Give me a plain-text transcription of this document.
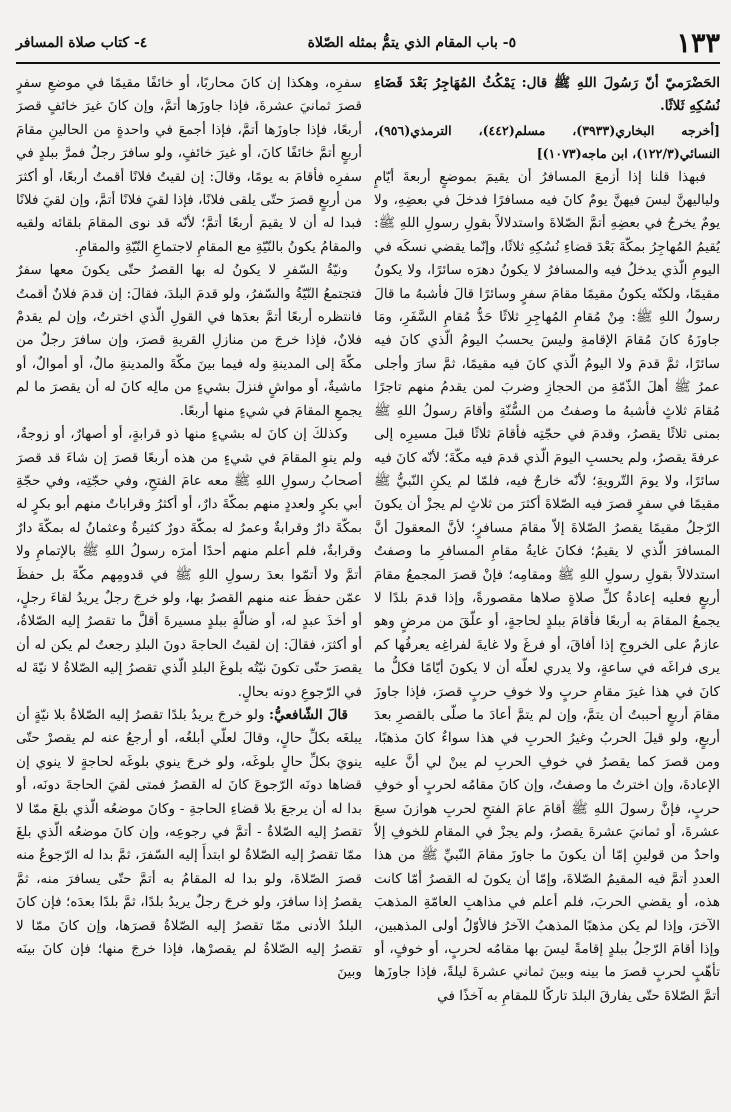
١٣٣
٥- باب المقام الذي يتمُّ بمثله الصّلاة
٤- كتاب صلاة المسافر

الحَضْرَميّ أنّ رَسُولَ اللهِ ﷺ قال: يَمْكُثُ المُهَاجِرُ بَعْدَ قَضَاءِ نُسُكِهِ ثَلاثًا.

[أخرجه البخاري(٣٩٣٣)، مسلم(٤٤٢)، الترمذي(٩٥٦)، النسائي(١٢٢/٣)، ابن ماجه(١٠٧٣)]

فبهذا قلنا إذا أزمعَ المسافرُ أن يقيمَ بموضعٍ أربعةَ أيّامٍ ولياليهنَّ ليسَ فيهنَّ يومٌ كانَ فيه مسافرًا فدخلَ في بعضِهِ، ولا يومٌ يخرجُ في بعضِهِ أتمَّ الصّلاةَ واستدلالاً بقولِ رسولِ اللهِ ﷺ: يُقيمُ المُهاجِرُ بمكّةَ بَعْدَ قضاءِ نُسُكِهِ ثلاثًا، وإنّما يقضي نسكَه في اليومِ الّذي يدخلُ فيه والمسافرُ لا يكونُ دهرَه سائرًا، ولا يكونُ مقيمًا، ولكنّه يكونُ مقيمًا مقامَ سفرٍ وسائرًا قالَ فأشبهُ ما قالَ رسولُ اللهِ ﷺ: مِنْ مُقامِ المُهاجِرِ ثلاثًا حَدُّ مُقامِ السَّفَرِ، ومَا جاوزَهُ كانَ مُقامَ الإقامةِ وليسَ يحسبُ اليومُ الّذي كانَ فيه سائرًا، ثمَّ قدمَ ولا اليومُ الّذي كانَ فيه مقيمًا، ثمَّ سارَ وأجلى عمرُ ﷺ أهلَ الذّمّةِ من الحجازِ وضربَ لمن يقدمُ منهم تاجرًا مُقامَ ثلاثٍ فأشبهُ ما وصفتُ من السُّنّةِ وأقامَ رسولُ اللهِ ﷺ بمنى ثلاثًا يقصرُ، وقدمَ في حجّتِه فأقامَ ثلاثًا قبلَ مسيرِه إلى عرفةَ يقصرُ، ولم يحسبِ اليومَ الّذي قدمَ فيه مكّةَ؛ لأنّه كانَ فيه سائرًا، ولا يومَ التّرويةِ؛ لأنّه خارجٌ فيه، فلمّا لم يكنِ النّبيُّ ﷺ مقيمًا في سفرٍ قصرَ فيه الصّلاةَ أكثرَ من ثلاثٍ لم يجزْ أن يكونَ الرّجلُ مقيمًا يقصرُ الصّلاةَ إلاّ مقامَ مسافرٍ؛ لأنَّ المعقولَ أنَّ المسافرَ الّذي لا يقيمُ؛ فكانَ غايةُ مقامِ المسافرِ ما وصفتُ استدلالاً بقولِ رسولِ اللهِ ﷺ ومقامِه؛ فإنْ قصرَ المجمعُ مقامَ أربعٍ فعليه إعادةُ كلِّ صلاةٍ صلاها مقصورةً، وإذا قدمَ بلدًا لا يجمعُ المقامَ به أربعًا فأقامَ ببلدٍ لحاجةٍ، أو علّقَ من مرضٍ وهو عازمٌ على الخروجِ إذا أفاقَ، أو فرغَ ولا غايةَ لفراغِه يعرفُها كم يرى فراغَه في ساعةٍ، ولا يدري لعلّه أن لا يكونَ أيّامًا فكلُّ ما كانَ في هذا غيرَ مقامِ حربٍ ولا خوفِ حربٍ قصرَ، فإذا جاوزَ مقامَ أربعٍ أحببتُ أن يتمَّ، وإن لم يتمَّ أعادَ ما صلّى بالقصرِ بعدَ أربعٍ، ولو قيلَ الحربُ وغيرُ الحربِ في هذا سواءٌ كانَ مذهبًا، ومن قصرَ كما يقصرُ في خوفِ الحربِ لم يبنْ لي أنَّ عليه الإعادةَ، وإن اخترتُ ما وصفتُ، وإن كانَ مقامُه لحربٍ أو خوفِ حربٍ، فإنَّ رسولَ اللهِ ﷺ أقامَ عامَ الفتحِ لحربِ هوازنَ سبعَ عشرةَ، أو ثمانيَ عشرةَ يقصرُ، ولم يجزْ في المقامِ للخوفِ إلاّ واحدٌ من قولينِ إمّا أن يكونَ ما جاوزَ مقامَ النّبيِّ ﷺ من هذا العددِ أتمَّ فيه المقيمُ الصّلاةَ، وإمّا أن يكونَ له القصرُ أمّا كانت هذه، أو يقضي الحربَ، فلم أعلم في مذاهبِ العامّةِ المذهبَ الآخرَ، وإذا لم يكن مذهبًا المذهبُ الآخرُ فالأوّلُ أولى المذهبين، وإذا أقامَ الرّجلُ ببلدٍ إقامةً ليسَ بها مقامُه لحربٍ، أو خوفٍ، أو تأهّبٍ لحربٍ قصرَ ما بينه وبينَ ثماني عشرةَ ليلةً، فإذا جاوزَها أتمَّ الصّلاةَ حتّى يفارقَ البلدَ تاركًا للمقامِ به آخذًا في

سفرِه، وهكذا إن كانَ محاربًا، أو خائفًا مقيمًا في موضعِ سفرٍ قصرَ ثمانيَ عشرةَ، فإذا جاوزَها أتمَّ، وإن كانَ غيرَ خائفٍ قصرَ أربعًا، فإذا جاوزَها أتمَّ، فإذا أجمعَ في واحدةٍ من الحالينِ مقامَ أربعٍ أتمَّ خائفًا كانَ، أو غيرَ خائفٍ، ولو سافرَ رجلٌ فمرَّ ببلدٍ في سفرِه فأقامَ به يومًا، وقالَ: إن لقيتُ فلانًا أقمتُ أربعًا، أو أكثرَ من أربعٍ قصرَ حتّى يلقى فلانًا، فإذا لقيَ فلانًا أتمَّ، وإن لقيَ فلانًا فبدا له أن لا يقيمَ أربعًا أتمَّ؛ لأنّه قد نوى المقامَ بلقائه ولقيه والمقامُ يكونُ بالنّيّةِ مع المقامِ لاجتماعِ النّيّةِ والمقامِ.

ونيّةُ السّفرِ لا يكونُ له بها القصرُ حتّى يكونَ معها سفرٌ فتجتمعُ النّيّةُ والسّفرُ، ولو قدمَ البلدَ، فقالَ: إن قدمَ فلانٌ أقمتُ فانتظره أربعًا أتمَّ بعدَها في القولِ الّذي اخترتُ، وإن لم يقدمْ فلانٌ، فإذا خرجَ من منازلِ القريةِ قصرَ، وإن سافرَ رجلٌ من مكّةَ إلى المدينةِ وله فيما بينَ مكّةَ والمدينةِ مالٌ، أو أموالٌ، أو ماشيةٌ، أو مواشٍ فنزلَ بشيءٍ من مالِه كانَ له أن يقصرَ ما لم يجمعِ المقامَ في شيءٍ منها أربعًا.

وكذلكَ إن كانَ له بشيءٍ منها ذو قرابةٍ، أو أصهارٌ، أو زوجةٌ، ولم ينوِ المقامَ في شيءٍ من هذه أربعًا قصرَ إن شاءَ قد قصرَ أصحابُ رسولِ اللهِ ﷺ معه عامَ الفتحِ، وفي حجّتِه، وفي حجّةِ أبي بكرٍ ولعددٍ منهم بمكّةَ دارٌ، أو أكثرُ وقراباتٌ منهم أبو بكرٍ له بمكّةَ دارٌ وقرابةٌ وعمرُ له بمكّةَ دورٌ كثيرةٌ وعثمانُ له بمكّةَ دارٌ وقرابةٌ، فلم أعلم منهم أحدًا أمرَه رسولُ اللهِ ﷺ بالإتمامِ ولا أتمَّ ولا أتمّوا بعدَ رسولِ اللهِ ﷺ في قدومِهم مكّةَ بل حفظَ عمّن حفظَ عنه منهم القصرُ بها، ولو خرجَ رجلٌ يريدُ لقاءَ رجلٍ، أو أخذَ عبدٍ له، أو ضالّةٍ ببلدٍ مسيرةَ أقلَّ ما تقصرُ إليه الصّلاةُ، أو أكثرَ، فقالَ: إن لقيتُ الحاجةَ دونَ البلدِ رجعتُ لم يكن له أن يقصرَ حتّى تكونَ نيّتُه بلوغَ البلدِ الّذي تقصرُ إليه الصّلاةُ لا نيّةَ له في الرّجوعِ دونه بحالٍ.

قالَ الشّافعيُّ: ولو خرجَ يريدُ بلدًا تقصرُ إليه الصّلاةُ بلا نيّةٍ أن يبلغَه بكلِّ حالٍ، وقالَ لعلّي أبلغُه، أو أرجعُ عنه لم يقصرْ حتّى ينويَ بكلِّ حالٍ بلوغَه، ولو خرجَ ينوي بلوغَه لحاجةٍ لا ينوي إن قضاها دونَه الرّجوعَ كانَ له القصرُ فمتى لقيَ الحاجةَ دونَه، أو بدا له أن يرجعَ بلا قضاءِ الحاجةِ - وكانَ موضعُه الّذي بلغَ ممّا لا تقصرُ إليه الصّلاةُ - أتمَّ في رجوعِه، وإن كانَ موضعُه الّذي بلغَ ممّا تقصرُ إليه الصّلاةُ لو ابتدأَ إليه السّفرَ، ثمَّ بدا له الرّجوعُ منه قصرَ الصّلاةَ، ولو بدا له المقامُ به أتمَّ حتّى يسافرَ منه، ثمَّ يقصرُ إذا سافرَ، ولو خرجَ رجلٌ يريدُ بلدًا، ثمَّ بلدًا بعدَه؛ فإن كانَ البلدُ الأدنى ممّا تقصرُ إليه الصّلاةُ قصرَها، وإن كانَ ممّا لا تقصرُ إليه الصّلاةُ لم يقصرْها، فإذا خرجَ منها؛ فإن كانَ بينَه وبينَ
